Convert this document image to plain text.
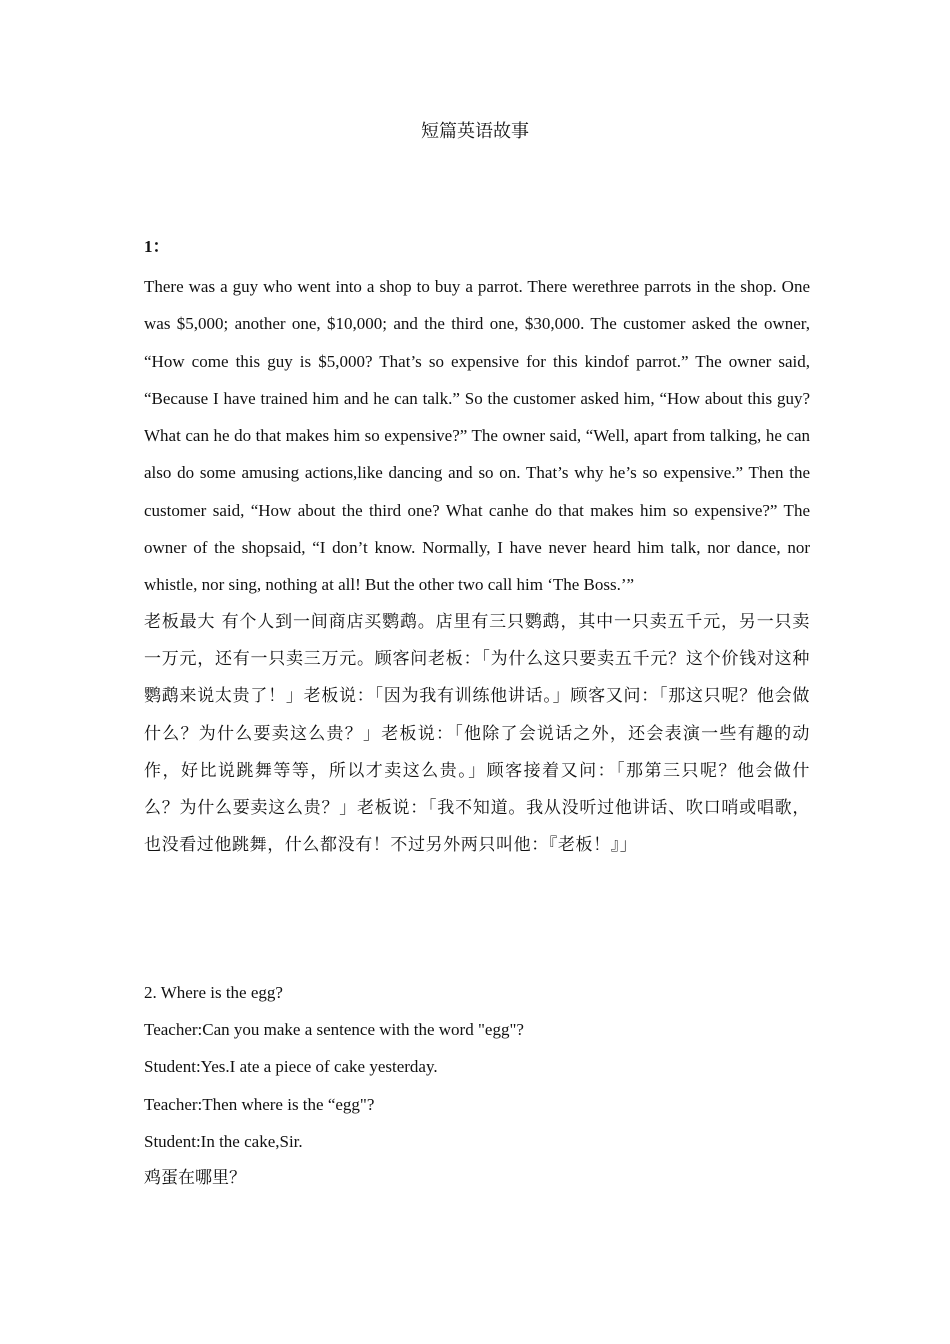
短篇英语故事
1：

There was a guy who went into a shop to buy a parrot. There werethree parrots in the shop. One was $5,000; another one, $10,000; and the third one, $30,000. The customer asked the owner, “How come this guy is $5,000? That’s so expensive for this kindof parrot.” The owner said, “Because I have trained him and he can talk.” So the customer asked him, “How about this guy? What can he do that makes him so expensive?” The owner said, “Well, apart from talking, he can also do some amusing actions,like dancing and so on. That’s why he’s so expensive.” Then the customer said, “How about the third one? What canhe do that makes him so expensive?” The owner of the shopsaid, “I don’t know. Normally, I have never heard him talk, nor dance, nor whistle, nor sing, nothing at all! But the other two call him ‘The Boss.’”

老板最大 有个人到一间商店买鹦鹉。店里有三只鹦鹉，其中一只卖五千元，另一只卖一万元，还有一只卖三万元。顾客问老板：「为什么这只要卖五千元？这个价钱对这种鹦鹉来说太贵了！」老板说：「因为我有训练他讲话。」顾客又问：「那这只呢？他会做什么？为什么要卖这么贵？」老板说：「他除了会说话之外，还会表演一些有趣的动作，好比说跳舞等等，所以才卖这么贵。」顾客接着又问：「那第三只呢？他会做什么？为什么要卖这么贵？」老板说：「我不知道。我从没听过他讲话、吹口哨或唱歌，也没看过他跳舞，什么都没有！不过另外两只叫他：『老板！』」

2. Where is the egg?
Teacher:Can you make a sentence with the word "egg"?
Student:Yes.I ate a piece of cake yesterday.
Teacher:Then where is the “egg"?
Student:In the cake,Sir.
鸡蛋在哪里？
